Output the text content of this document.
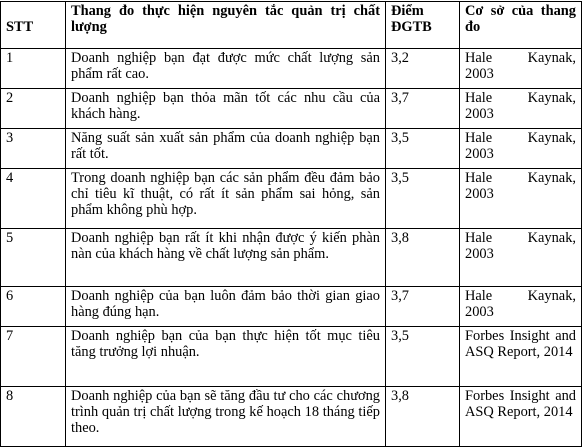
STT	Thang đo thực hiện nguyên tắc quản trị chất lượng	Điểm ĐGTB	Cơ sở của thang đo
1	Doanh nghiệp bạn đạt được mức chất lượng sản phẩm rất cao.	3,2	Hale Kaynak, 2003
2	Doanh nghiệp bạn thỏa mãn tốt các nhu cầu của khách hàng.	3,7	Hale Kaynak, 2003
3	Năng suất sản xuất sản phẩm của doanh nghiệp bạn rất tốt.	3,5	Hale Kaynak, 2003
4	Trong doanh nghiệp bạn các sản phẩm đều đảm bảo chỉ tiêu kĩ thuật, có rất ít sản phẩm sai hỏng, sản phẩm không phù hợp.	3,5	Hale Kaynak, 2003
5	Doanh nghiệp bạn rất ít khi nhận được ý kiến phàn nàn của khách hàng về chất lượng sản phẩm.	3,8	Hale Kaynak, 2003
6	Doanh nghiệp của bạn luôn đảm bảo thời gian giao hàng đúng hạn.	3,7	Hale Kaynak, 2003
7	Doanh nghiệp bạn của bạn thực hiện tốt mục tiêu tăng trưởng lợi nhuận.	3,5	Forbes Insight and ASQ Report, 2014
8	Doanh nghiệp của bạn sẽ tăng đầu tư cho các chương trình quản trị chất lượng trong kế hoạch 18 tháng tiếp theo.	3,8	Forbes Insight and ASQ Report, 2014
